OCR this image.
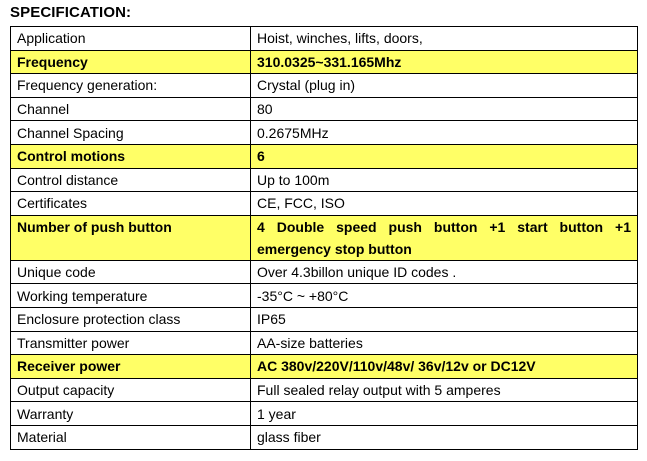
SPECIFICATION:
Application	Hoist, winches, lifts, doors,
Frequency	310.0325~331.165Mhz
Frequency generation:	Crystal (plug in)
Channel	80
Channel Spacing	0.2675MHz
Control motions	6
Control distance	Up to 100m
Certificates	CE, FCC, ISO
Number of push button	4 Double speed push button +1 start button +1 emergency stop button
Unique code	Over 4.3billon unique ID codes .
Working temperature	-35°C ~ +80°C
Enclosure protection class	IP65
Transmitter power	AA-size batteries
Receiver power	AC 380v/220V/110v/48v/ 36v/12v or DC12V
Output capacity	Full sealed relay output with 5 amperes
Warranty	1 year
Material	glass fiber
